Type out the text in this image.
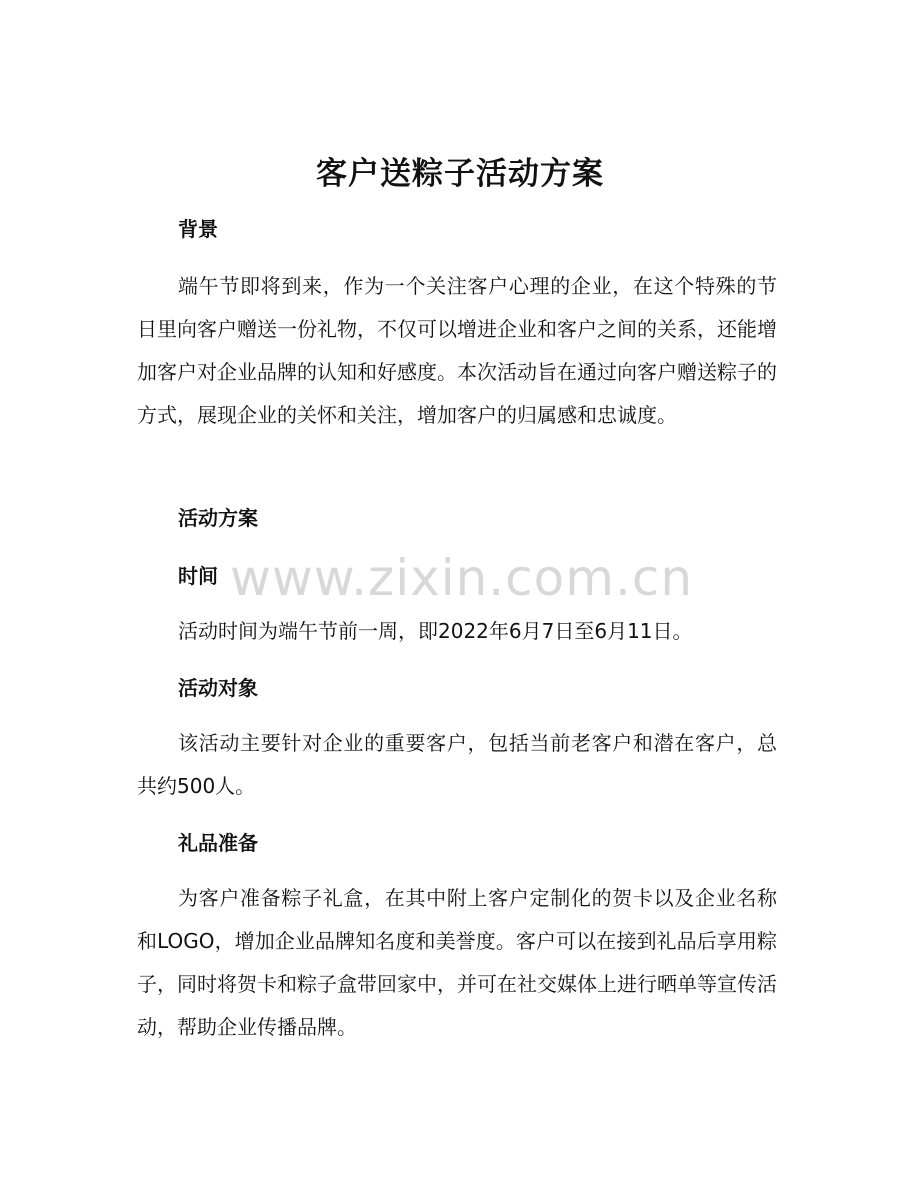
客户送粽子活动方案
背景
端午节即将到来，作为一个关注客户心理的企业，在这个特殊的节日里向客户赠送一份礼物，不仅可以增进企业和客户之间的关系，还能增加客户对企业品牌的认知和好感度。本次活动旨在通过向客户赠送粽子的方式，展现企业的关怀和关注，增加客户的归属感和忠诚度。
活动方案
www.zixin.com.cn
时间
活动时间为端午节前一周，即2022年6月7日至6月11日。
活动对象
该活动主要针对企业的重要客户，包括当前老客户和潜在客户，总共约500人。
礼品准备
为客户准备粽子礼盒，在其中附上客户定制化的贺卡以及企业名称和LOGO，增加企业品牌知名度和美誉度。客户可以在接到礼品后享用粽子，同时将贺卡和粽子盒带回家中，并可在社交媒体上进行晒单等宣传活动，帮助企业传播品牌。
